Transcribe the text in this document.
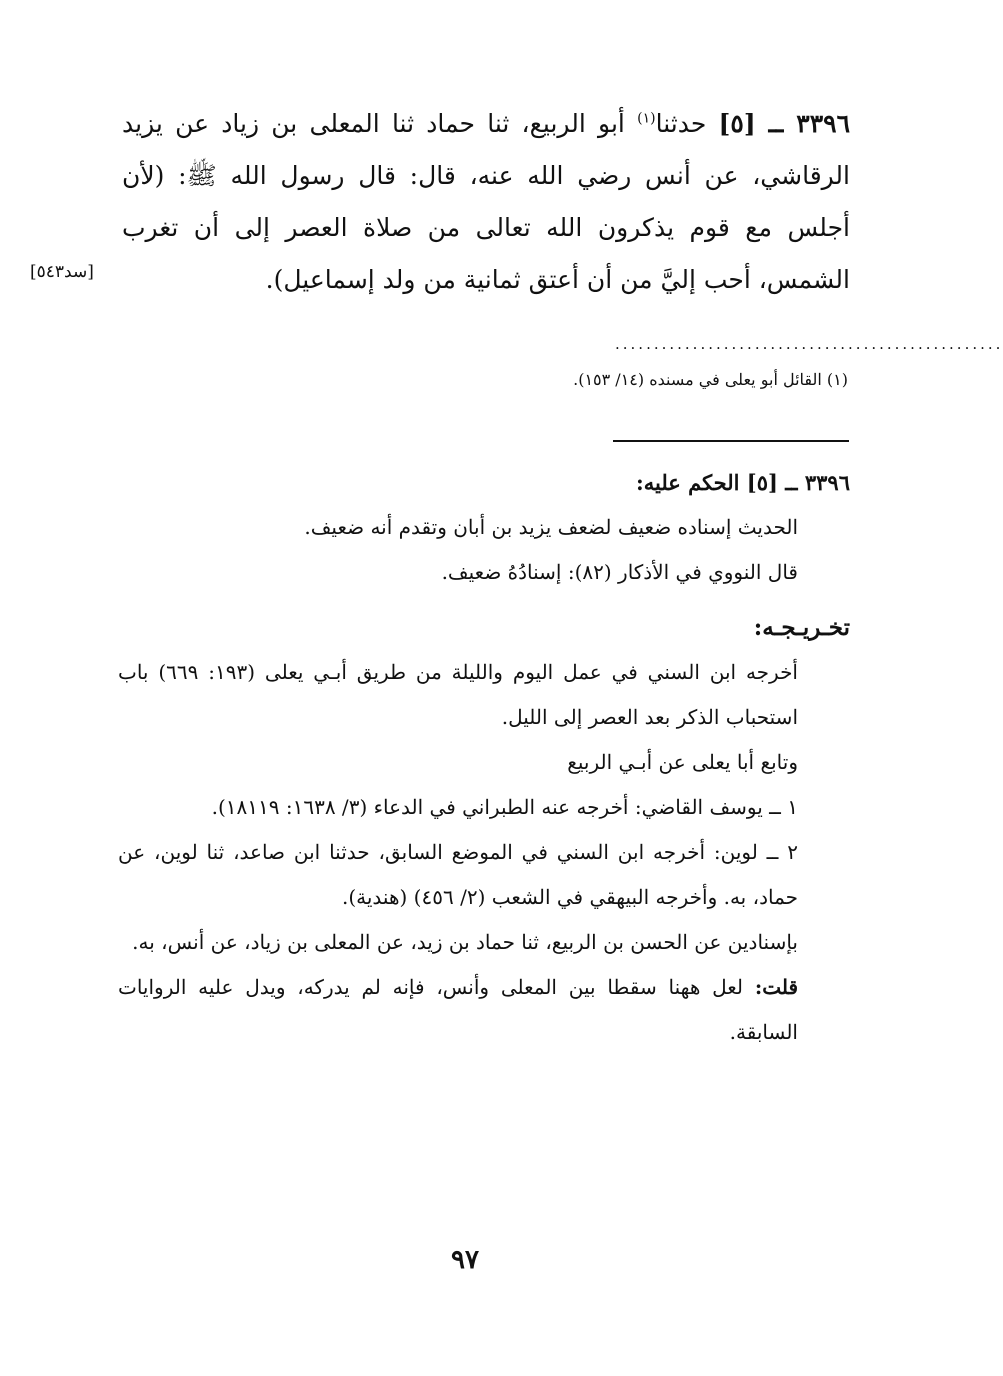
٣٣٩٦ ــ [٥] حدثنا$^{(١)}$ أبو الربيع، ثنا حماد ثنا المعلى بن زياد عن يزيد الرقاشي، عن أنس رضي الله عنه، قال: قال رسول الله ﷺ: (لأن أجلس مع قوم يذكرون الله تعالى من صلاة العصر إلى أن تغرب الشمس، أحب إليَّ من أن أعتق ثمانية من ولد إسماعيل).
[سد٥٤٣]
..................................................
(١) القائل أبو يعلى في مسنده (١٤/ ١٥٣).

٣٣٩٦ ــ [٥] الحكم عليه:

الحديث إسناده ضعيف لضعف يزيد بن أبان وتقدم أنه ضعيف.

قال النووي في الأذكار (٨٢): إسنادُهُ ضعيف.

تخـريـجـه:

أخرجه ابن السني في عمل اليوم والليلة من طريق أبـي يعلى (١٩٣: ٦٦٩) باب استحباب الذكر بعد العصر إلى الليل.

وتابع أبا يعلى عن أبـي الربيع

١ ــ يوسف القاضي: أخرجه عنه الطبراني في الدعاء (٣/ ١٦٣٨: ١٨١١٩).

٢ ــ لوين: أخرجه ابن السني في الموضع السابق، حدثنا ابن صاعد، ثنا لوين، عن حماد، به. وأخرجه البيهقي في الشعب (٢/ ٤٥٦) (هندية).

بإسنادين عن الحسن بن الربيع، ثنا حماد بن زيد، عن المعلى بن زياد، عن أنس، به.

قلت: لعل ههنا سقطا بين المعلى وأنس، فإنه لم يدركه، ويدل عليه الروايات السابقة.

٩٧
